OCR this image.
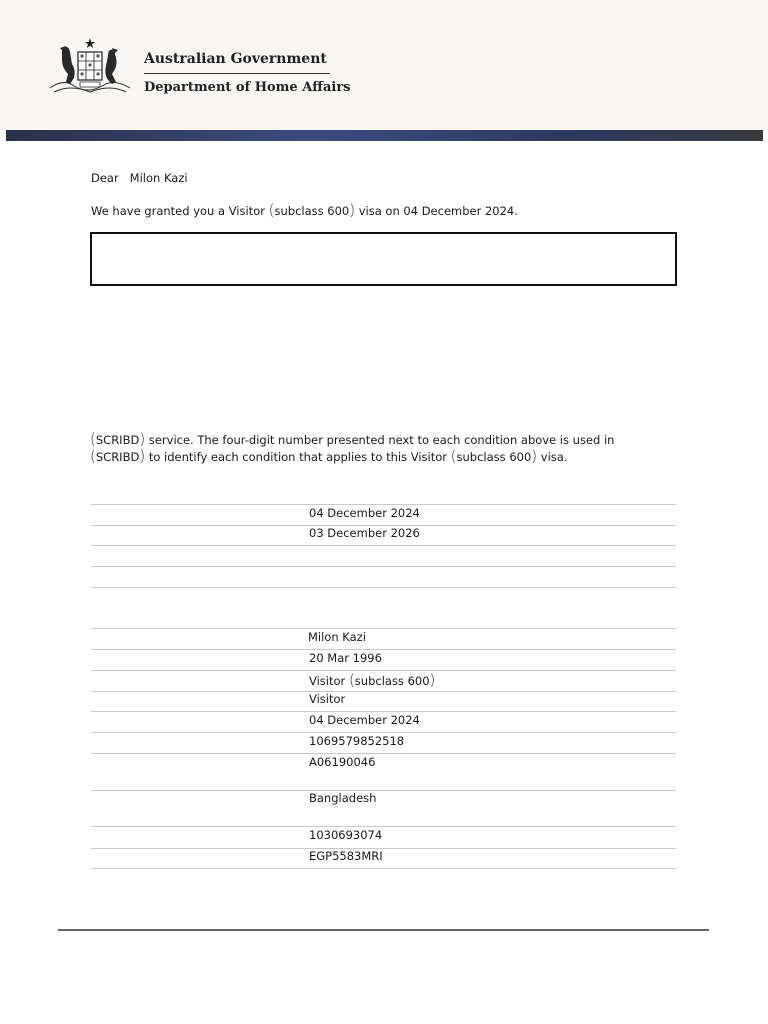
Australian Government
Department of Home Affairs
Dear   Milon Kazi
We have granted you a Visitor (subclass 600) visa on 04 December 2024.
(SCRIBD) service. The four-digit number presented next to each condition above is used in
(SCRIBD) to identify each condition that applies to this Visitor (subclass 600) visa.
04 December 2024
03 December 2026
Milon Kazi
20 Mar 1996
Visitor (subclass 600)
Visitor
04 December 2024
1069579852518
A06190046
Bangladesh
1030693074
EGP5583MRI
